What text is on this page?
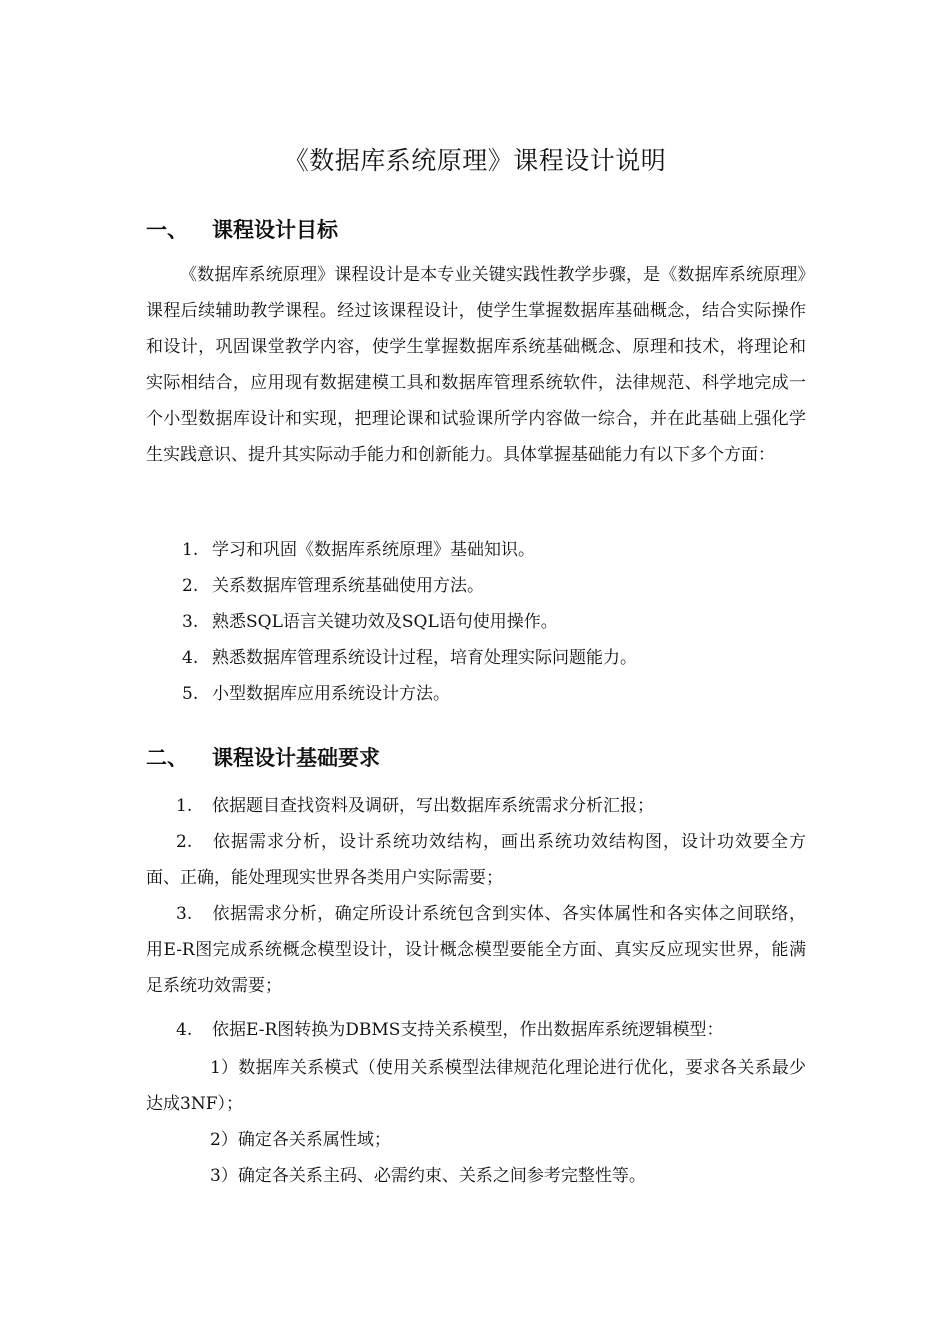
《数据库系统原理》课程设计说明
一、 课程设计目标

《数据库系统原理》课程设计是本专业关键实践性教学步骤，是《数据库系统原理》课程后续辅助教学课程。经过该课程设计，使学生掌握数据库基础概念，结合实际操作和设计，巩固课堂教学内容，使学生掌握数据库系统基础概念、原理和技术，将理论和实际相结合，应用现有数据建模工具和数据库管理系统软件，法律规范、科学地完成一个小型数据库设计和实现，把理论课和试验课所学内容做一综合，并在此基础上强化学生实践意识、提升其实际动手能力和创新能力。具体掌握基础能力有以下多个方面：

1. 学习和巩固《数据库系统原理》基础知识。

2. 关系数据库管理系统基础使用方法。

3. 熟悉SQL语言关键功效及SQL语句使用操作。

4. 熟悉数据库管理系统设计过程，培育处理实际问题能力。

5. 小型数据库应用系统设计方法。

二、 课程设计基础要求

1. 依据题目查找资料及调研，写出数据库系统需求分析汇报；

2. 依据需求分析，设计系统功效结构，画出系统功效结构图，设计功效要全方面、正确，能处理现实世界各类用户实际需要；

3. 依据需求分析，确定所设计系统包含到实体、各实体属性和各实体之间联络，用E-R图完成系统概念模型设计，设计概念模型要能全方面、真实反应现实世界，能满足系统功效需要；

4. 依据E-R图转换为DBMS支持关系模型，作出数据库系统逻辑模型：

1）数据库关系模式（使用关系模型法律规范化理论进行优化，要求各关系最少达成3NF）；

2）确定各关系属性域；

3）确定各关系主码、必需约束、关系之间参考完整性等。
